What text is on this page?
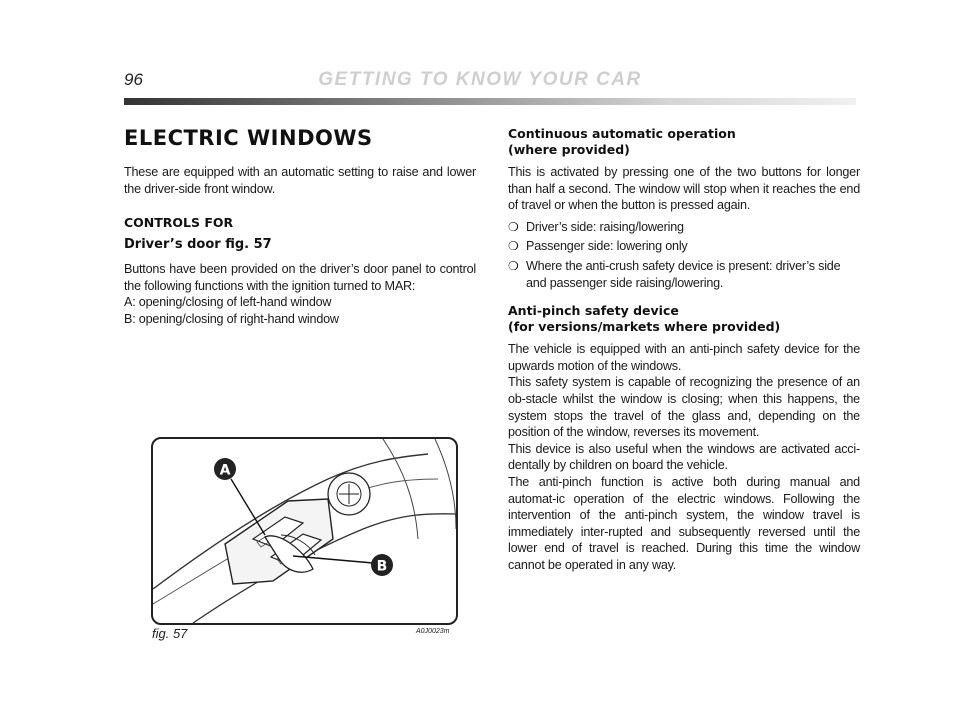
96	GETTING TO KNOW YOUR CAR
ELECTRIC WINDOWS

These are equipped with an automatic setting to raise and lower the driver-side front window.

CONTROLS FOR
Driver’s door fig. 57

Buttons have been provided on the driver’s door panel to control the following functions with the ignition turned to MAR:

A: opening/closing of left-hand window

B: opening/closing of right-hand window

A
B
fig. 57	A0J0023m
Continuous automatic operation
(where provided)

This is activated by pressing one of the two buttons for longer than half a second. The window will stop when it reaches the end of travel or when the button is pressed again.

❍ Driver’s side: raising/lowering
❍ Passenger side: lowering only
❍ Where the anti-crush safety device is present: driver’s side and passenger side raising/lowering.
Anti-pinch safety device
(for versions/markets where provided)

The vehicle is equipped with an anti-pinch safety device for the upwards motion of the windows.

This safety system is capable of recognizing the presence of an ob-stacle whilst the window is closing; when this happens, the system stops the travel of the glass and, depending on the position of the window, reverses its movement.

This device is also useful when the windows are activated acci-dentally by children on board the vehicle.

The anti-pinch function is active both during manual and automat-ic operation of the electric windows. Following the intervention of the anti-pinch system, the window travel is immediately inter-rupted and subsequently reversed until the lower end of travel is reached. During this time the window cannot be operated in any way.
